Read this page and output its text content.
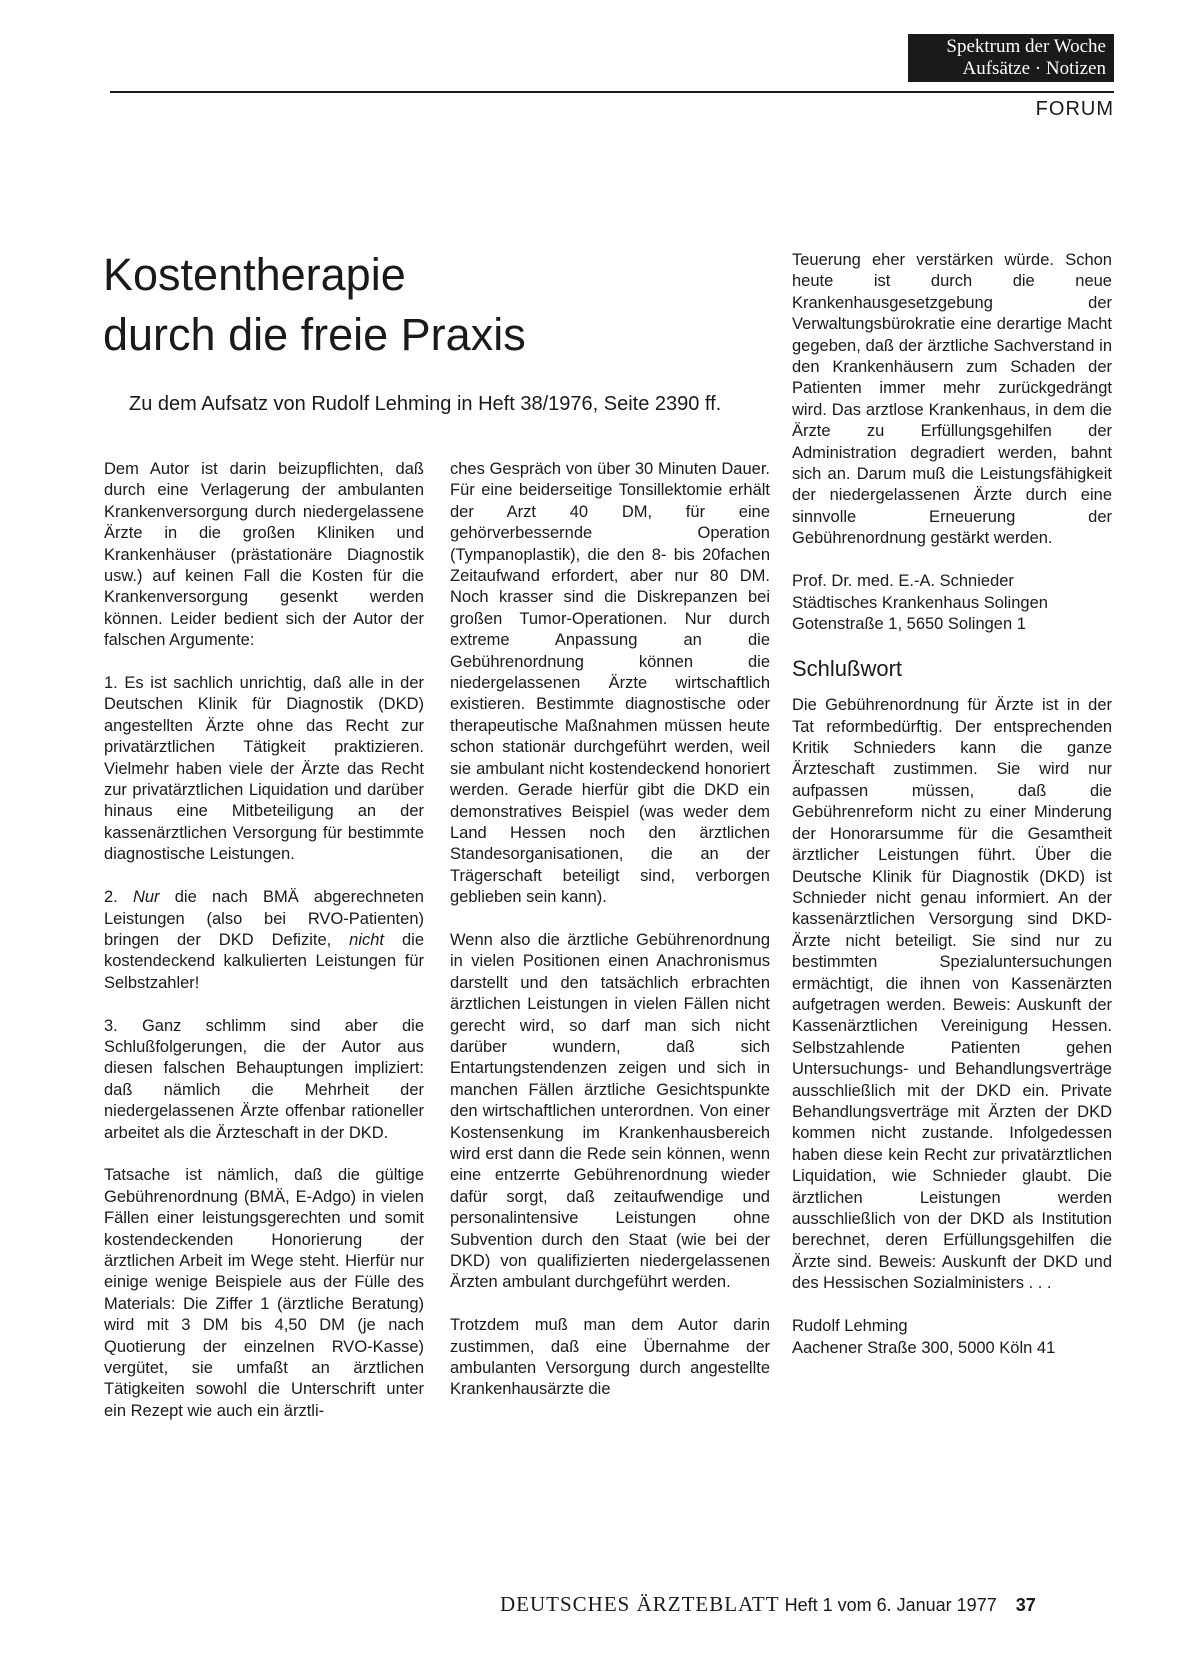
Spektrum der Woche
Aufsätze · Notizen
FORUM
Kostentherapie
durch die freie Praxis
Zu dem Aufsatz von Rudolf Lehming in Heft 38/1976, Seite 2390 ff.

Dem Autor ist darin beizupflichten, daß durch eine Verlagerung der ambulanten Krankenversorgung durch niedergelassene Ärzte in die großen Kliniken und Krankenhäuser (prästationäre Diagnostik usw.) auf keinen Fall die Kosten für die Krankenversorgung gesenkt werden können. Leider bedient sich der Autor der falschen Argumente:

1. Es ist sachlich unrichtig, daß alle in der Deutschen Klinik für Diagnostik (DKD) angestellten Ärzte ohne das Recht zur privatärztlichen Tätigkeit praktizieren. Vielmehr haben viele der Ärzte das Recht zur privatärztlichen Liquidation und darüber hinaus eine Mitbeteiligung an der kassenärztlichen Versorgung für bestimmte diagnostische Leistungen.

2. Nur die nach BMÄ abgerechneten Leistungen (also bei RVO-Patienten) bringen der DKD Defizite, nicht die kostendeckend kalkulierten Leistungen für Selbstzahler!

3. Ganz schlimm sind aber die Schlußfolgerungen, die der Autor aus diesen falschen Behauptungen impliziert: daß nämlich die Mehrheit der niedergelassenen Ärzte offenbar rationeller arbeitet als die Ärzteschaft in der DKD.

Tatsache ist nämlich, daß die gültige Gebührenordnung (BMÄ, E-Adgo) in vielen Fällen einer leistungsgerechten und somit kostendeckenden Honorierung der ärztlichen Arbeit im Wege steht. Hierfür nur einige wenige Beispiele aus der Fülle des Materials: Die Ziffer 1 (ärztliche Beratung) wird mit 3 DM bis 4,50 DM (je nach Quotierung der einzelnen RVO-Kasse) vergütet, sie umfaßt an ärztlichen Tätigkeiten sowohl die Unterschrift unter ein Rezept wie auch ein ärztli-

ches Gespräch von über 30 Minuten Dauer. Für eine beiderseitige Tonsillektomie erhält der Arzt 40 DM, für eine gehörverbessernde Operation (Tympanoplastik), die den 8- bis 20fachen Zeitaufwand erfordert, aber nur 80 DM. Noch krasser sind die Diskrepanzen bei großen Tumor-Operationen. Nur durch extreme Anpassung an die Gebührenordnung können die niedergelassenen Ärzte wirtschaftlich existieren. Bestimmte diagnostische oder therapeutische Maßnahmen müssen heute schon stationär durchgeführt werden, weil sie ambulant nicht kostendeckend honoriert werden. Gerade hierfür gibt die DKD ein demonstratives Beispiel (was weder dem Land Hessen noch den ärztlichen Standesorganisationen, die an der Trägerschaft beteiligt sind, verborgen geblieben sein kann).

Wenn also die ärztliche Gebührenordnung in vielen Positionen einen Anachronismus darstellt und den tatsächlich erbrachten ärztlichen Leistungen in vielen Fällen nicht gerecht wird, so darf man sich nicht darüber wundern, daß sich Entartungstendenzen zeigen und sich in manchen Fällen ärztliche Gesichtspunkte den wirtschaftlichen unterordnen. Von einer Kostensenkung im Krankenhausbereich wird erst dann die Rede sein können, wenn eine entzerrte Gebührenordnung wieder dafür sorgt, daß zeitaufwendige und personalintensive Leistungen ohne Subvention durch den Staat (wie bei der DKD) von qualifizierten niedergelassenen Ärzten ambulant durchgeführt werden.

Trotzdem muß man dem Autor darin zustimmen, daß eine Übernahme der ambulanten Versorgung durch angestellte Krankenhausärzte die

Teuerung eher verstärken würde. Schon heute ist durch die neue Krankenhausgesetzgebung der Verwaltungsbürokratie eine derartige Macht gegeben, daß der ärztliche Sachverstand in den Krankenhäusern zum Schaden der Patienten immer mehr zurückgedrängt wird. Das arztlose Krankenhaus, in dem die Ärzte zu Erfüllungsgehilfen der Administration degradiert werden, bahnt sich an. Darum muß die Leistungsfähigkeit der niedergelassenen Ärzte durch eine sinnvolle Erneuerung der Gebührenordnung gestärkt werden.

Prof. Dr. med. E.-A. Schnieder
Städtisches Krankenhaus Solingen
Gotenstraße 1, 5650 Solingen 1
Schlußwort

Die Gebührenordnung für Ärzte ist in der Tat reformbedürftig. Der entsprechenden Kritik Schnieders kann die ganze Ärzteschaft zustimmen. Sie wird nur aufpassen müssen, daß die Gebührenreform nicht zu einer Minderung der Honorarsumme für die Gesamtheit ärztlicher Leistungen führt. Über die Deutsche Klinik für Diagnostik (DKD) ist Schnieder nicht genau informiert. An der kassenärztlichen Versorgung sind DKD-Ärzte nicht beteiligt. Sie sind nur zu bestimmten Spezialuntersuchungen ermächtigt, die ihnen von Kassenärzten aufgetragen werden. Beweis: Auskunft der Kassenärztlichen Vereinigung Hessen. Selbstzahlende Patienten gehen Untersuchungs- und Behandlungsverträge ausschließlich mit der DKD ein. Private Behandlungsverträge mit Ärzten der DKD kommen nicht zustande. Infolgedessen haben diese kein Recht zur privatärztlichen Liquidation, wie Schnieder glaubt. Die ärztlichen Leistungen werden ausschließlich von der DKD als Institution berechnet, deren Erfüllungsgehilfen die Ärzte sind. Beweis: Auskunft der DKD und des Hessischen Sozialministers . . .

Rudolf Lehming
Aachener Straße 300, 5000 Köln 41
DEUTSCHES ÄRZTEBLATT Heft 1 vom 6. Januar 1977 37
